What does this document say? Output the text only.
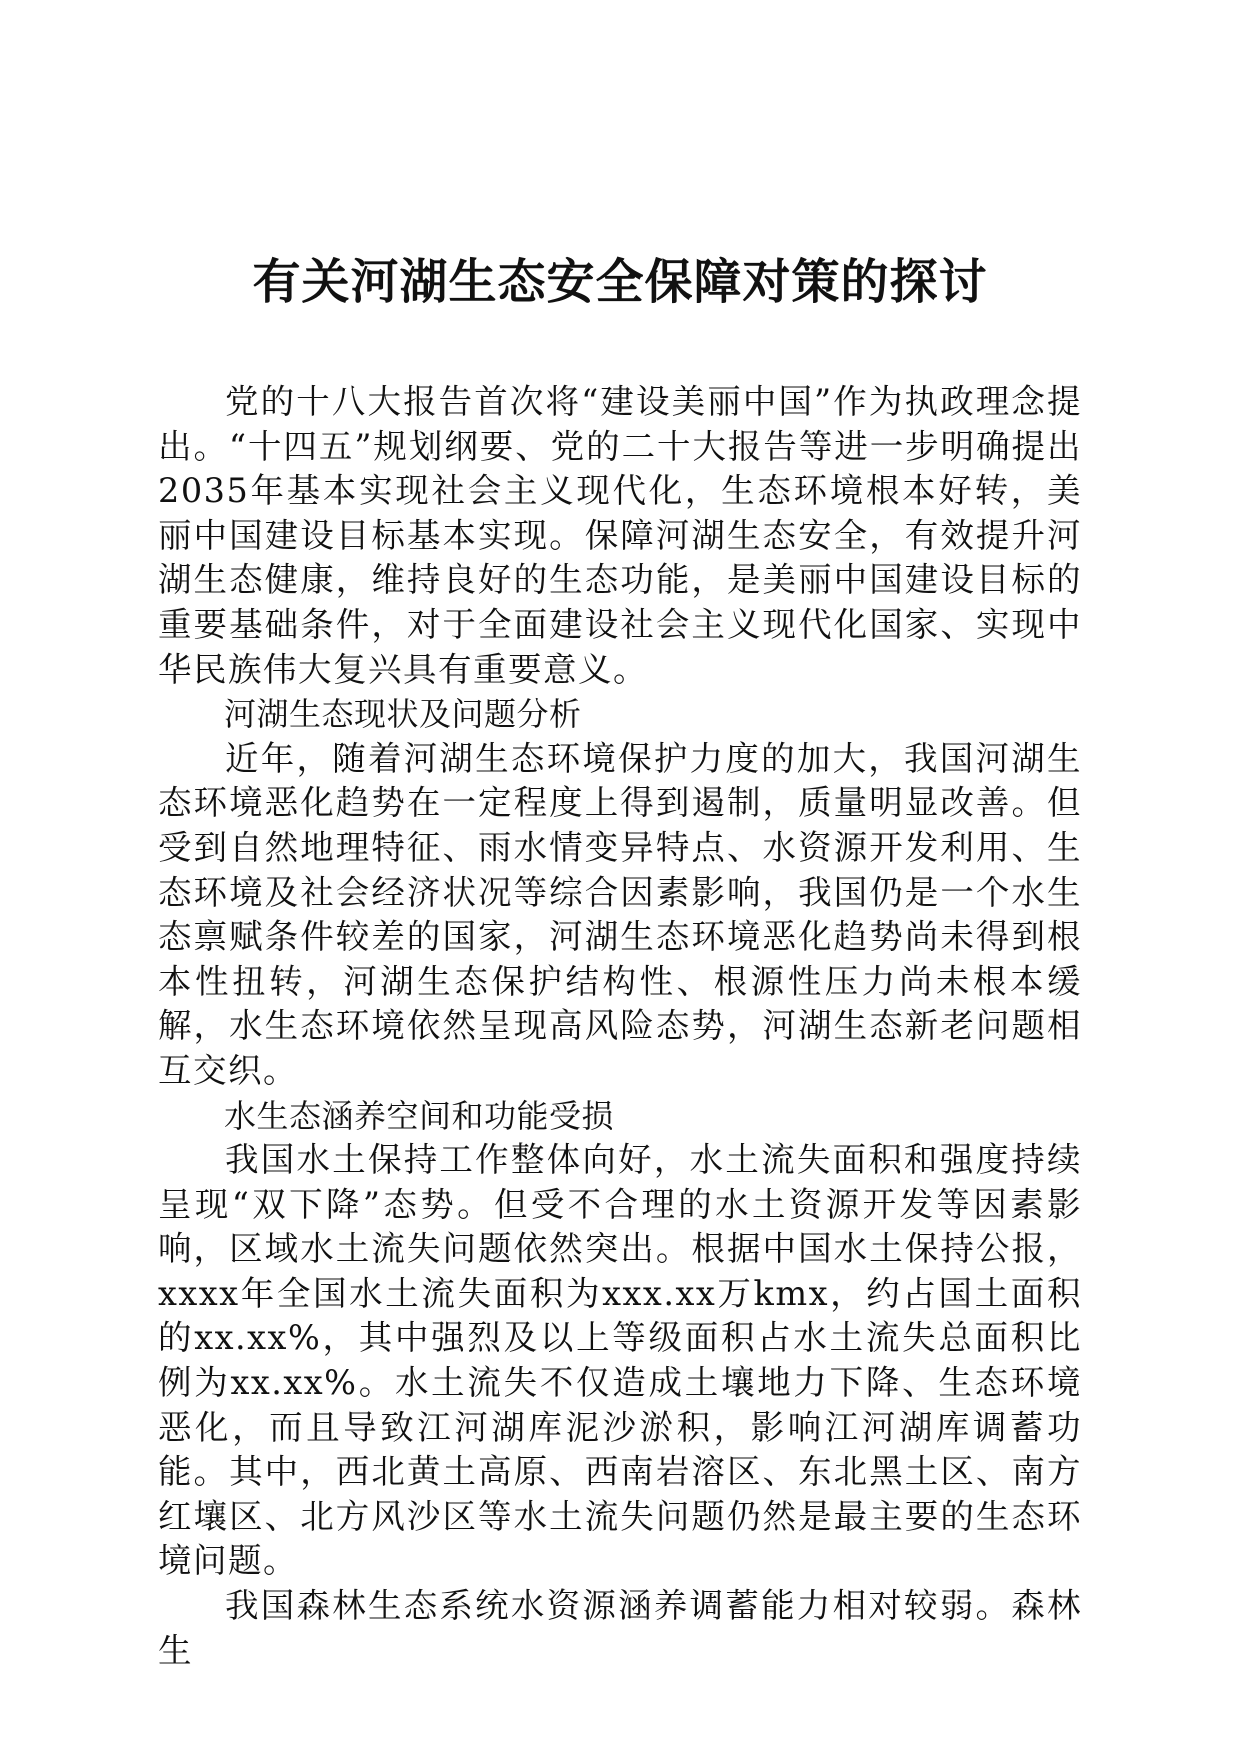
有关河湖生态安全保障对策的探讨

党的十八大报告首次将“建设美丽中国”作为执政理念提出。“十四五”规划纲要、党的二十大报告等进一步明确提出2035年基本实现社会主义现代化，生态环境根本好转，美丽中国建设目标基本实现。保障河湖生态安全，有效提升河湖生态健康，维持良好的生态功能，是美丽中国建设目标的重要基础条件，对于全面建设社会主义现代化国家、实现中华民族伟大复兴具有重要意义。

河湖生态现状及问题分析

近年，随着河湖生态环境保护力度的加大，我国河湖生态环境恶化趋势在一定程度上得到遏制，质量明显改善。但受到自然地理特征、雨水情变异特点、水资源开发利用、生态环境及社会经济状况等综合因素影响，我国仍是一个水生态禀赋条件较差的国家，河湖生态环境恶化趋势尚未得到根本性扭转，河湖生态保护结构性、根源性压力尚未根本缓解，水生态环境依然呈现高风险态势，河湖生态新老问题相互交织。

水生态涵养空间和功能受损

我国水土保持工作整体向好，水土流失面积和强度持续呈现“双下降”态势。但受不合理的水土资源开发等因素影响，区域水土流失问题依然突出。根据中国水土保持公报，xxxx年全国水土流失面积为xxx.xx万kmx，约占国土面积的xx.xx%，其中强烈及以上等级面积占水土流失总面积比例为xx.xx%。水土流失不仅造成土壤地力下降、生态环境恶化，而且导致江河湖库泥沙淤积，影响江河湖库调蓄功能。其中，西北黄土高原、西南岩溶区、东北黑土区、南方红壤区、北方风沙区等水土流失问题仍然是最主要的生态环境问题。

我国森林生态系统水资源涵养调蓄能力相对较弱。森林生
